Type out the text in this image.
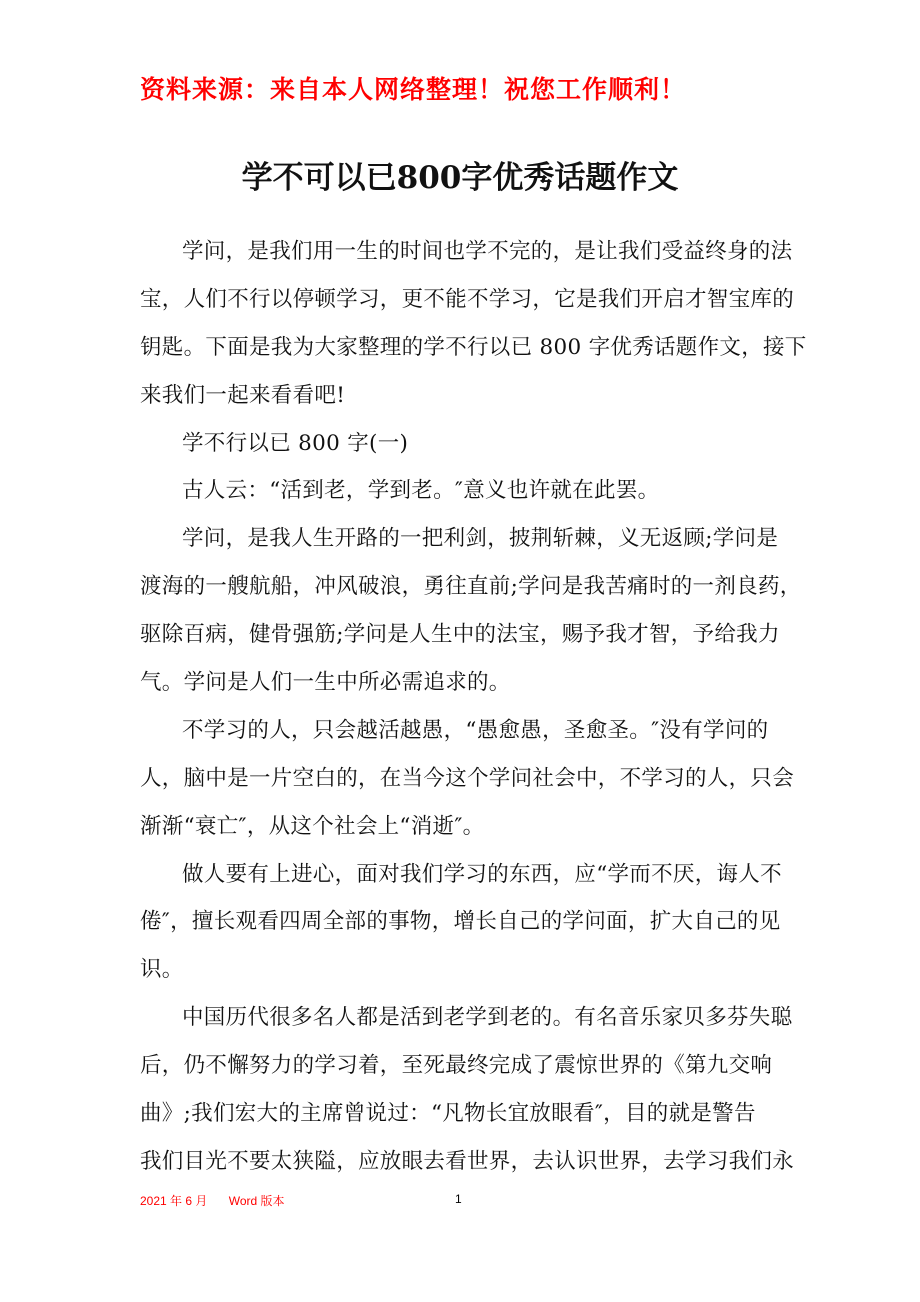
资料来源：来自本人网络整理！祝您工作顺利！
学不可以已800字优秀话题作文
学问，是我们用一生的时间也学不完的，是让我们受益终身的法
宝，人们不行以停顿学习，更不能不学习，它是我们开启才智宝库的
钥匙。下面是我为大家整理的学不行以已 800 字优秀话题作文，接下
来我们一起来看看吧!
学不行以已 800 字(一)
古人云：“活到老，学到老。″意义也许就在此罢。
学问，是我人生开路的一把利剑，披荆斩棘，义无返顾;学问是
渡海的一艘航船，冲风破浪，勇往直前;学问是我苦痛时的一剂良药，
驱除百病，健骨强筋;学问是人生中的法宝，赐予我才智，予给我力
气。学问是人们一生中所必需追求的。
不学习的人，只会越活越愚，“愚愈愚，圣愈圣。″没有学问的
人，脑中是一片空白的，在当今这个学问社会中，不学习的人，只会
渐渐“衰亡″，从这个社会上“消逝″。
做人要有上进心，面对我们学习的东西，应“学而不厌，诲人不
倦″，擅长观看四周全部的事物，增长自己的学问面，扩大自己的见
识。
中国历代很多名人都是活到老学到老的。有名音乐家贝多芬失聪
后，仍不懈努力的学习着，至死最终完成了震惊世界的《第九交响
曲》;我们宏大的主席曾说过：“凡物长宜放眼看″，目的就是警告
我们目光不要太狭隘，应放眼去看世界，去认识世界，去学习我们永
2021 年 6 月 Word 版本	1
